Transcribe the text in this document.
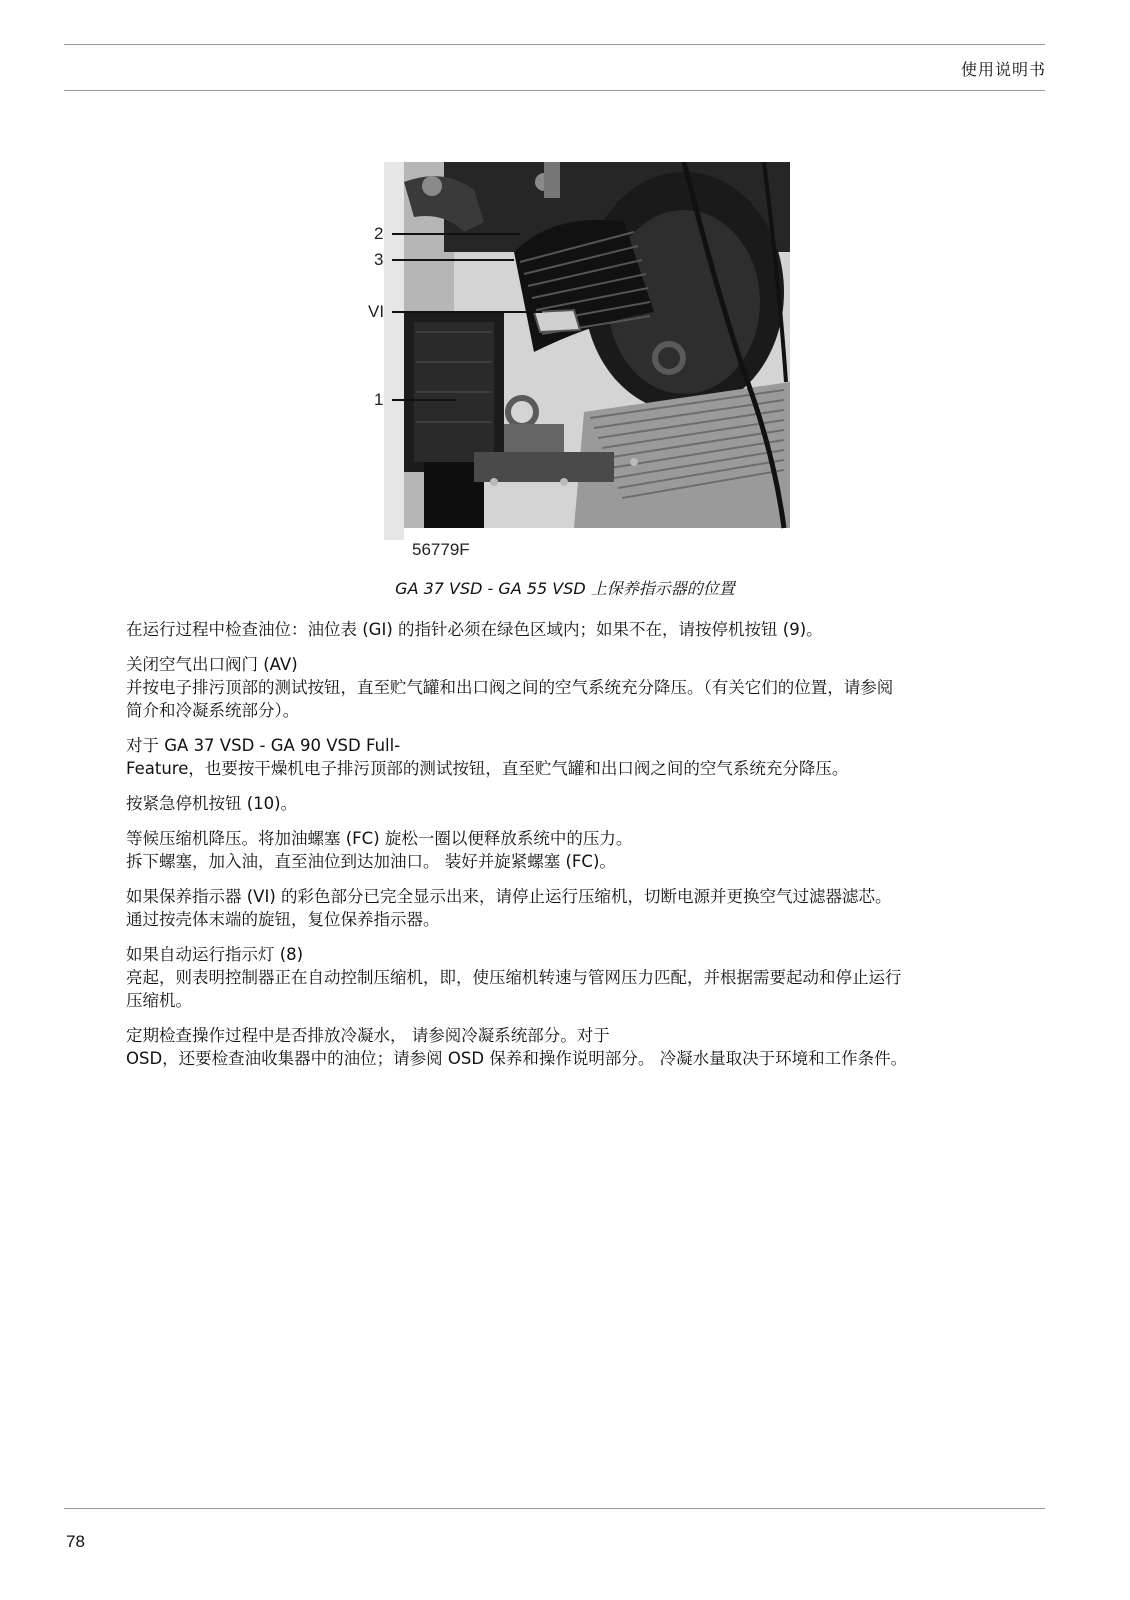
使用说明书
2
3
VI
1
56779F
GA 37 VSD - GA 55 VSD 上保养指示器的位置

在运行过程中检查油位：油位表 (GI) 的指针必须在绿色区域内；如果不在，请按停机按钮 (9)。

关闭空气出口阀门 (AV)
并按电子排污顶部的测试按钮，直至贮气罐和出口阀之间的空气系统充分降压。（有关它们的位置，请参阅
简介和冷凝系统部分）。

对于 GA 37 VSD - GA 90 VSD Full-
Feature，也要按干燥机电子排污顶部的测试按钮，直至贮气罐和出口阀之间的空气系统充分降压。

按紧急停机按钮 (10)。

等候压缩机降压。将加油螺塞 (FC) 旋松一圈以便释放系统中的压力。
拆下螺塞，加入油，直至油位到达加油口。 装好并旋紧螺塞 (FC)。

如果保养指示器 (VI) 的彩色部分已完全显示出来，请停止运行压缩机，切断电源并更换空气过滤器滤芯。
通过按壳体末端的旋钮，复位保养指示器。

如果自动运行指示灯 (8)
亮起，则表明控制器正在自动控制压缩机，即，使压缩机转速与管网压力匹配，并根据需要起动和停止运行
压缩机。

定期检查操作过程中是否排放冷凝水， 请参阅冷凝系统部分。对于
OSD，还要检查油收集器中的油位；请参阅 OSD 保养和操作说明部分。 冷凝水量取决于环境和工作条件。

78
